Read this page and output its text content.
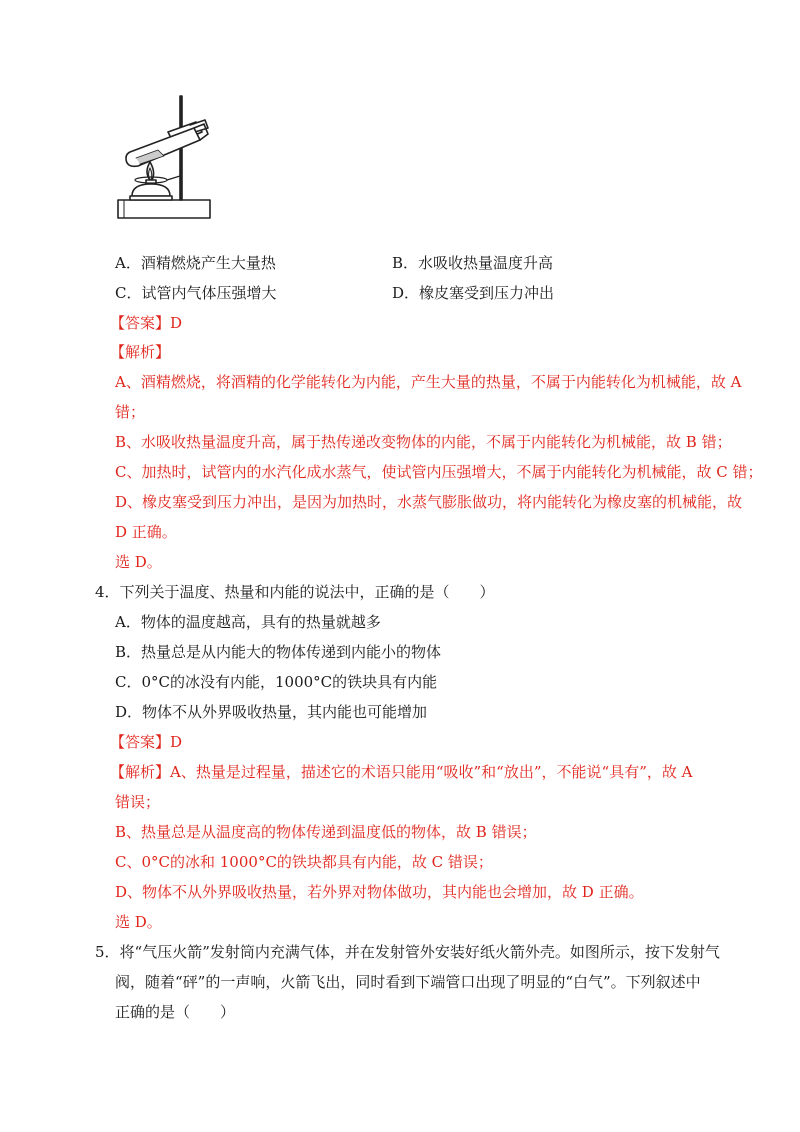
A．酒精燃烧产生大量热	B．水吸收热量温度升高
C．试管内气体压强增大	D．橡皮塞受到压力冲出
【答案】D
【解析】
A、酒精燃烧，将酒精的化学能转化为内能，产生大量的热量，不属于内能转化为机械能，故 A
错；
B、水吸收热量温度升高，属于热传递改变物体的内能，不属于内能转化为机械能，故 B 错；
C、加热时，试管内的水汽化成水蒸气，使试管内压强增大，不属于内能转化为机械能，故 C 错；
D、橡皮塞受到压力冲出，是因为加热时，水蒸气膨胀做功，将内能转化为橡皮塞的机械能，故
D 正确。
选 D。
4．下列关于温度、热量和内能的说法中，正确的是（　　）
A．物体的温度越高，具有的热量就越多
B．热量总是从内能大的物体传递到内能小的物体
C．0°C的冰没有内能，1000°C的铁块具有内能
D．物体不从外界吸收热量，其内能也可能增加
【答案】D
【解析】A、热量是过程量，描述它的术语只能用“吸收”和“放出”，不能说“具有”，故 A
错误；
B、热量总是从温度高的物体传递到温度低的物体，故 B 错误；
C、0°C的冰和 1000°C的铁块都具有内能，故 C 错误；
D、物体不从外界吸收热量，若外界对物体做功，其内能也会增加，故 D 正确。
选 D。
5．将“气压火箭”发射筒内充满气体，并在发射管外安装好纸火箭外壳。如图所示，按下发射气
阀，随着“砰”的一声响，火箭飞出，同时看到下端管口出现了明显的“白气”。下列叙述中
正确的是（　　）
